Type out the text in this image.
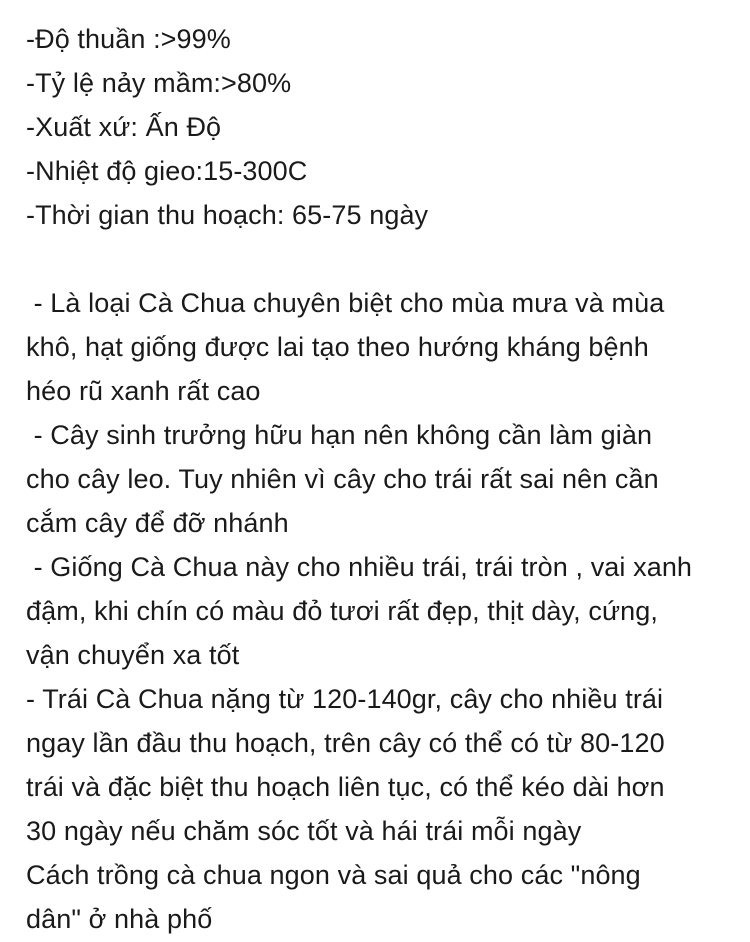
-Độ thuần :>99%
-Tỷ lệ nảy mầm:>80%
-Xuất xứ: Ấn Độ
-Nhiệt độ gieo:15-300C
-Thời gian thu hoạch: 65-75 ngày
- Là loại Cà Chua chuyên biệt cho mùa mưa và mùa
khô, hạt giống được lai tạo theo hướng kháng bệnh
héo rũ xanh rất cao
- Cây sinh trưởng hữu hạn nên không cần làm giàn
cho cây leo. Tuy nhiên vì cây cho trái rất sai nên cần
cắm cây để đỡ nhánh
- Giống Cà Chua này cho nhiều trái, trái tròn , vai xanh
đậm, khi chín có màu đỏ tươi rất đẹp, thịt dày, cứng,
vận chuyển xa tốt
- Trái Cà Chua nặng từ 120-140gr, cây cho nhiều trái
ngay lần đầu thu hoạch, trên cây có thể có từ 80-120
trái và đặc biệt thu hoạch liên tục, có thể kéo dài hơn
30 ngày nếu chăm sóc tốt và hái trái mỗi ngày
Cách trồng cà chua ngon và sai quả cho các "nông
dân" ở nhà phố
